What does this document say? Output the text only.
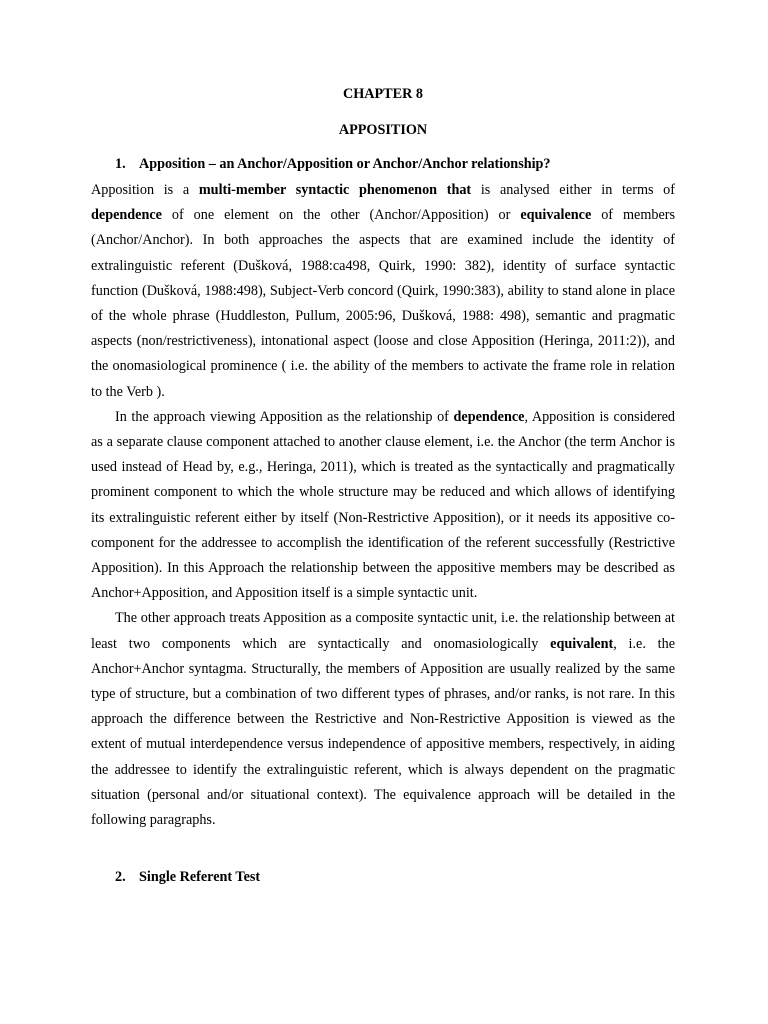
CHAPTER 8
APPOSITION
1. Apposition – an Anchor/Apposition or Anchor/Anchor relationship?

Apposition is a multi-member syntactic phenomenon that is analysed either in terms of dependence of one element on the other (Anchor/Apposition) or equivalence of members (Anchor/Anchor). In both approaches the aspects that are examined include the identity of extralinguistic referent (Dušková, 1988:ca498, Quirk, 1990: 382), identity of surface syntactic function (Dušková, 1988:498), Subject-Verb concord (Quirk, 1990:383), ability to stand alone in place of the whole phrase (Huddleston, Pullum, 2005:96, Dušková, 1988: 498), semantic and pragmatic aspects (non/restrictiveness), intonational aspect (loose and close Apposition (Heringa, 2011:2)), and the onomasiological prominence ( i.e. the ability of the members to activate the frame role in relation to the Verb ).

In the approach viewing Apposition as the relationship of dependence, Apposition is considered as a separate clause component attached to another clause element, i.e. the Anchor (the term Anchor is used instead of Head by, e.g., Heringa, 2011), which is treated as the syntactically and pragmatically prominent component to which the whole structure may be reduced and which allows of identifying its extralinguistic referent either by itself (Non-Restrictive Apposition), or it needs its appositive co-component for the addressee to accomplish the identification of the referent successfully (Restrictive Apposition). In this Approach the relationship between the appositive members may be described as Anchor+Apposition, and Apposition itself is a simple syntactic unit.

The other approach treats Apposition as a composite syntactic unit, i.e. the relationship between at least two components which are syntactically and onomasiologically equivalent, i.e. the Anchor+Anchor syntagma. Structurally, the members of Apposition are usually realized by the same type of structure, but a combination of two different types of phrases, and/or ranks, is not rare. In this approach the difference between the Restrictive and Non-Restrictive Apposition is viewed as the extent of mutual interdependence versus independence of appositive members, respectively, in aiding the addressee to identify the extralinguistic referent, which is always dependent on the pragmatic situation (personal and/or situational context). The equivalence approach will be detailed in the following paragraphs.

2. Single Referent Test
